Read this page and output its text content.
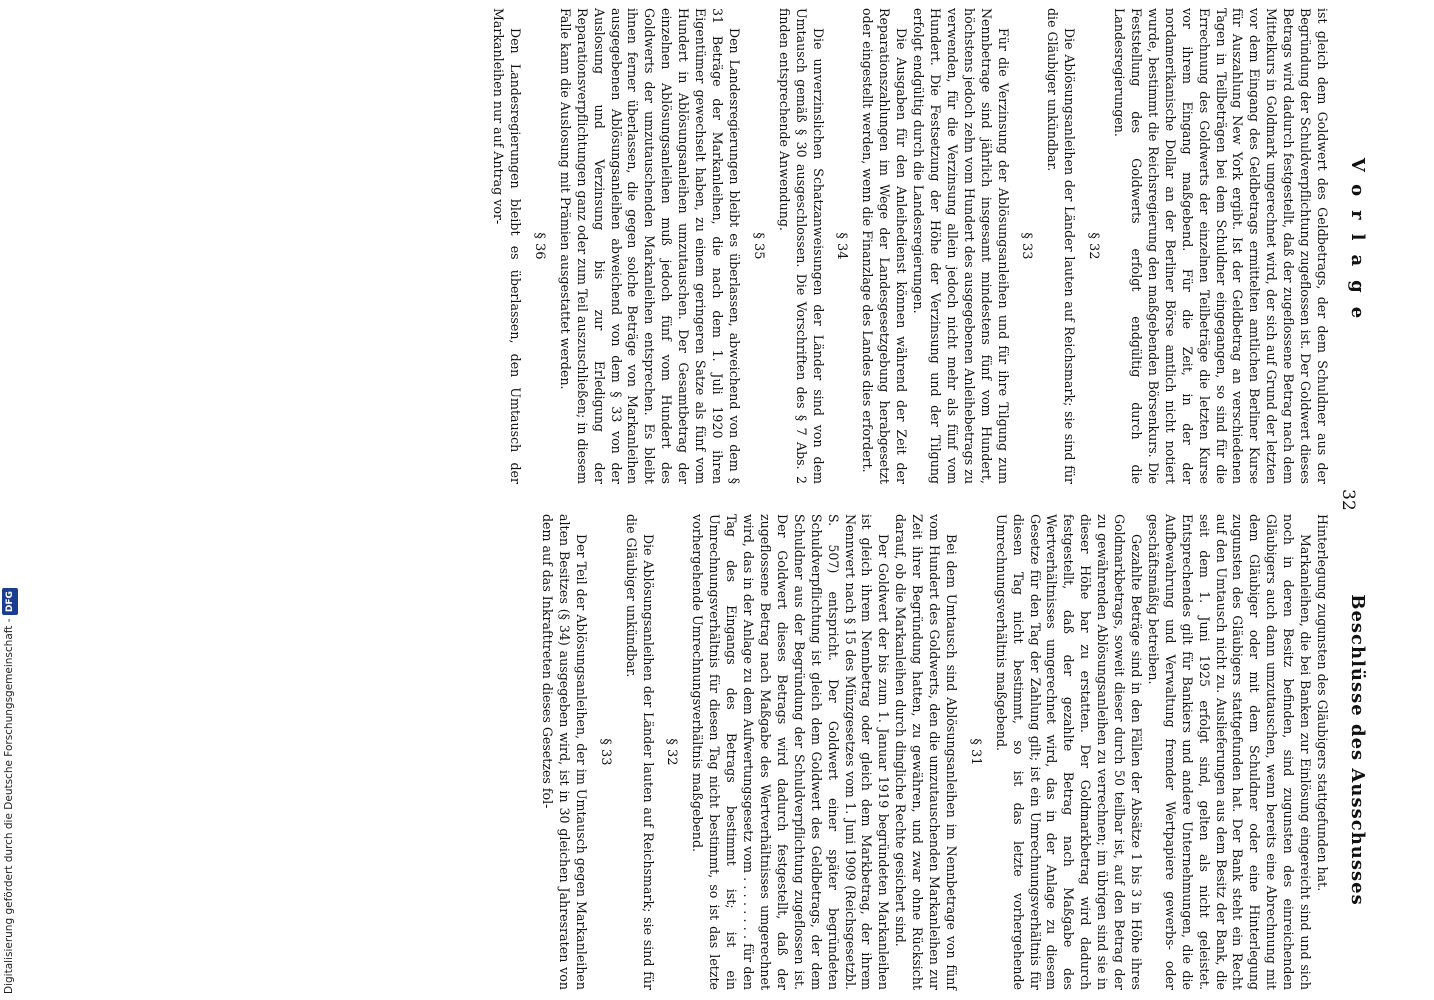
Vorlage
32
Beschlüsse des Ausschusses

ist gleich dem Goldwert des Geldbetrags, der dem Schuldner aus der Begründung der Schuldverpflichtung zugeflossen ist. Der Goldwert dieses Betrags wird dadurch festgestellt, daß der zugeflossene Betrag nach dem Mittelkurs in Goldmark umgerechnet wird, der sich auf Grund der letzten vor dem Eingang des Geldbetrags ermittelten amtlichen Berliner Kurse für Auszahlung New York ergibt. Ist der Geldbetrag an verschiedenen Tagen in Teilbeträgen bei dem Schuldner eingegangen, so sind für die Errechnung des Goldwerts der einzelnen Teilbeträge die letzten Kurse vor ihrem Eingang maßgebend. Für die Zeit, in der der nordamerikanische Dollar an der Berliner Börse amtlich nicht notiert wurde, bestimmt die Reichsregierung den maßgebenden Börsenkurs. Die Feststellung des Goldwerts erfolgt endgültig durch die Landesregierungen.

§ 32

Die Ablösungsanleihen der Länder lauten auf Reichsmark; sie sind für die Gläubiger unkündbar.

§ 33

Für die Verzinsung der Ablösungsanleihen und für ihre Tilgung zum Nennbetrage sind jährlich insgesamt mindestens fünf vom Hundert, höchstens jedoch zehn vom Hundert des ausgegebenen Anleihebetrags zu verwenden, für die Verzinsung allein jedoch nicht mehr als fünf vom Hundert. Die Festsetzung der Höhe der Verzinsung und der Tilgung erfolgt endgültig durch die Landesregierungen.

Die Ausgaben für den Anleihedienst können während der Zeit der Reparationszahlungen im Wege der Landesgesetzgebung herabgesetzt oder eingestellt werden, wenn die Finanzlage des Landes dies erfordert.

§ 34

Die unverzinslichen Schatzanweisungen der Länder sind von dem Umtausch gemäß § 30 ausgeschlossen. Die Vorschriften des § 7 Abs. 2 finden entsprechende Anwendung.

§ 35

Den Landesregierungen bleibt es überlassen, abweichend von dem § 31 Beträge der Markanleihen, die nach dem 1. Juli 1920 ihren Eigentümer gewechselt haben, zu einem geringeren Satze als fünf vom Hundert in Ablösungsanleihen umzutauschen. Der Gesamtbetrag der einzelnen Ablösungsanleihen muß jedoch fünf vom Hundert des Goldwerts der umzutauschenden Markanleihen entsprechen. Es bleibt ihnen ferner überlassen, die gegen solche Beträge von Markanleihen ausgegebenen Ablösungsanleihen abweichend von dem § 33 von der Auslosung und Verzinsung bis zur Erledigung der Reparationsverpflichtungen ganz oder zum Teil auszuschließen; in diesem Falle kann die Auslosung mit Prämien ausgestattet werden.

§ 36

Den Landesregierungen bleibt es überlassen, den Umtausch der Markanleihen nur auf Antrag vor-

Hinterlegung zugunsten des Gläubigers stattgefunden hat.

Markanleihen, die bei Banken zur Einlösung eingereicht sind und sich noch in deren Besitz befinden, sind zugunsten des einreichenden Gläubigers auch dann umzutauschen, wenn bereits eine Abrechnung mit dem Gläubiger oder mit dem Schuldner oder eine Hinterlegung zugunsten des Gläubigers stattgefunden hat. Der Bank steht ein Recht auf den Umtausch nicht zu. Auslieferungen aus dem Besitz der Bank, die seit dem 1. Juni 1925 erfolgt sind, gelten als nicht geleistet. Entsprechendes gilt für Bankiers und andere Unternehmungen, die die Aufbewahrung und Verwaltung fremder Wertpapiere gewerbs- oder geschäftsmäßig betreiben.

Gezahlte Beträge sind in den Fällen der Absätze 1 bis 3 in Höhe ihres Goldmarkbetrags, soweit dieser durch 50 teilbar ist, auf den Betrag der zu gewährenden Ablösungsanleihen zu verrechnen; im übrigen sind sie in dieser Höhe bar zu erstatten. Der Goldmarkbetrag wird dadurch festgestellt, daß der gezahlte Betrag nach Maßgabe des Wertverhältnisses umgerechnet wird, das in der Anlage zu diesem Gesetze für den Tag der Zahlung gilt; ist ein Umrechnungsverhältnis für diesen Tag nicht bestimmt, so ist das letzte vorhergehende Umrechnungsverhältnis maßgebend.

§ 31

Bei dem Umtausch sind Ablösungsanleihen im Nennbetrage von fünf vom Hundert des Goldwerts, den die umzutauschenden Markanleihen zur Zeit ihrer Begründung hatten, zu gewähren, und zwar ohne Rücksicht darauf, ob die Markanleihen durch dingliche Rechte gesichert sind.

Der Goldwert der bis zum 1. Januar 1919 begründeten Markanleihen ist gleich ihrem Nennbetrag oder gleich dem Markbetrag, der ihrem Nennwert nach § 15 des Münzgesetzes vom 1. Juni 1909 (Reichsgesetzbl. S. 507) entspricht. Der Goldwert einer später begründeten Schuldverpflichtung ist gleich dem Goldwert des Geldbetrags, der dem Schuldner aus der Begründung der Schuldverpflichtung zugeflossen ist. Der Goldwert dieses Betrags wird dadurch festgestellt, daß der zugeflossene Betrag nach Maßgabe des Wertverhältnisses umgerechnet wird, das in der Anlage zu dem Aufwertungsgesetz vom . . . . . . . . für den Tag des Eingangs des Betrags bestimmt ist; ist ein Umrechnungsverhältnis für diesen Tag nicht bestimmt, so ist das letzte vorhergehende Umrechnungsverhältnis maßgebend.

§ 32

Die Ablösungsanleihen der Länder lauten auf Reichsmark; sie sind für die Gläubiger unkündbar.

§ 33

Der Teil der Ablösungsanleihen, der im Umtausch gegen Markanleihen alten Besitzes (§ 34) ausgegeben wird, ist in 30 gleichen Jahresraten von dem auf das Inkrafttreten dieses Gesetzes fol-

Digitalisierung gefördert durch die Deutsche Forschungsgemeinschaft - DFG
